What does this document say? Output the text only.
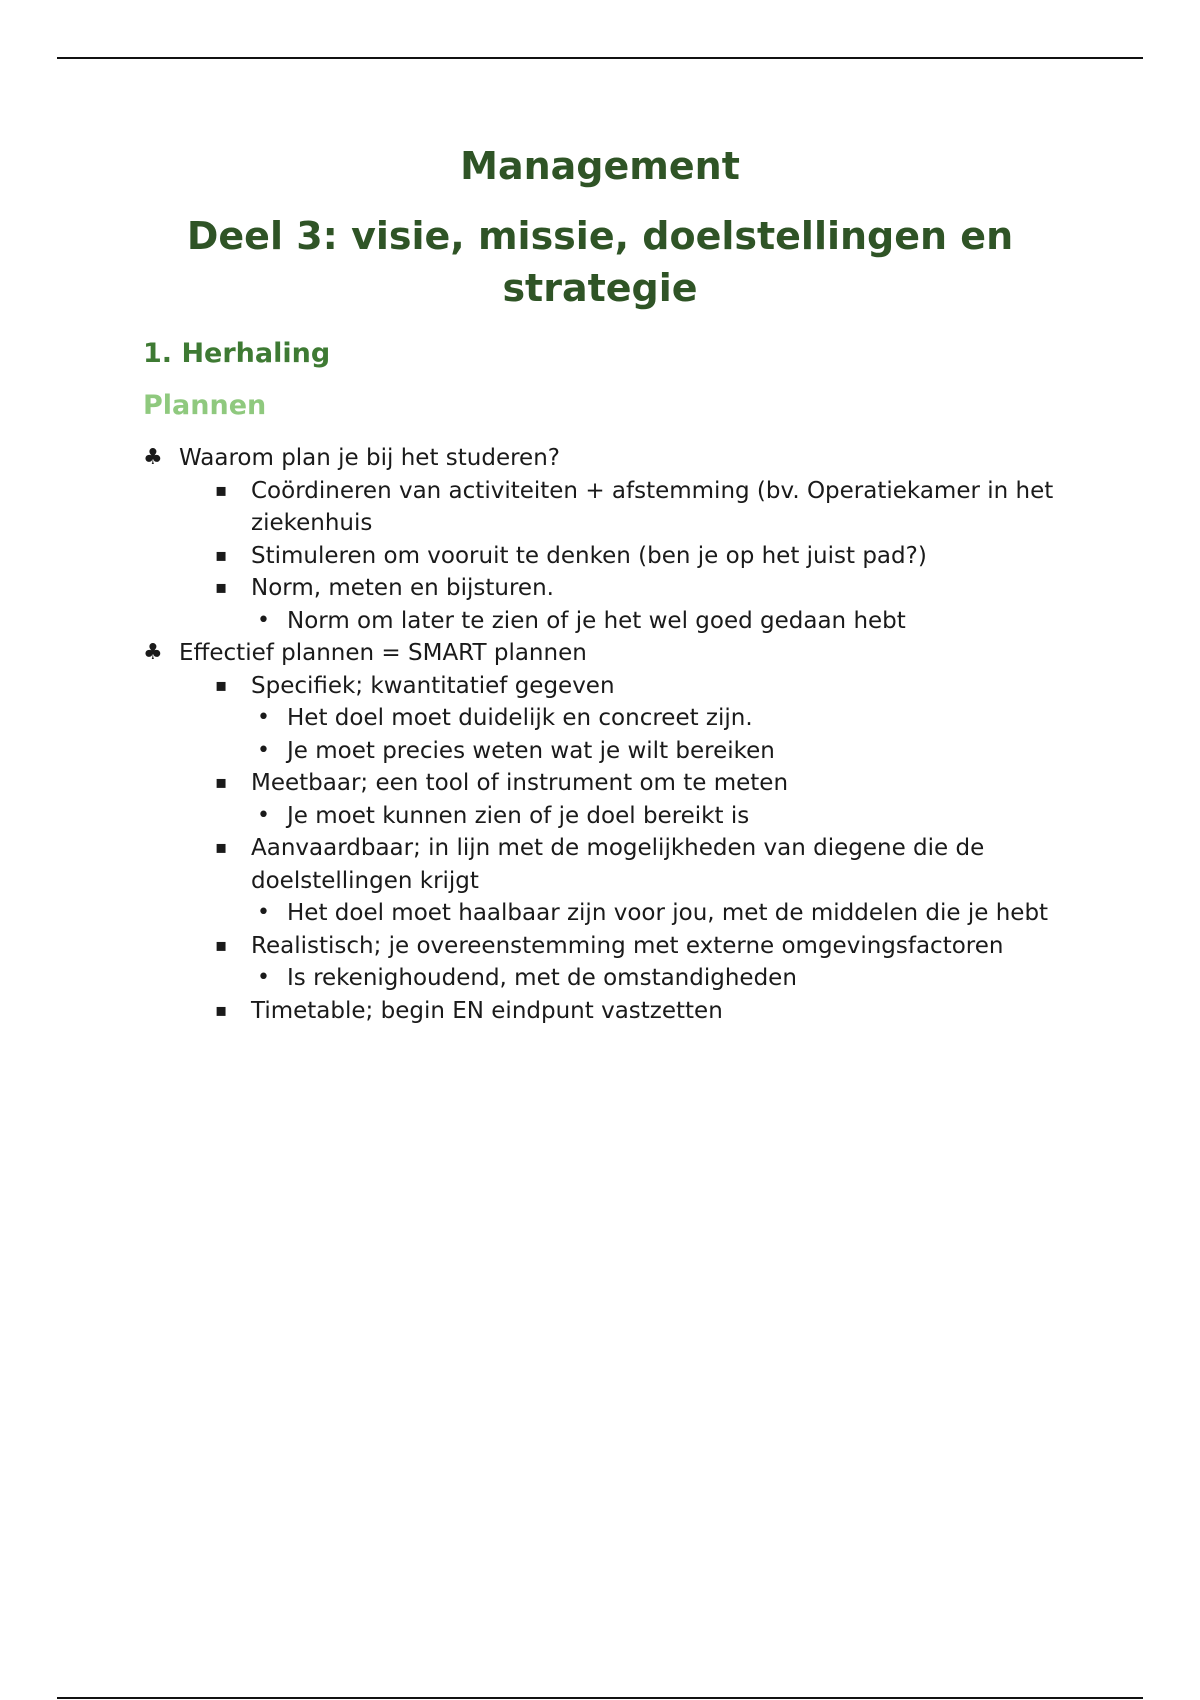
Management
Deel 3: visie, missie, doelstellingen en strategie
1. Herhaling
Plannen
♣ Waarom plan je bij het studeren?
▪ Coördineren van activiteiten + afstemming (bv. Operatiekamer in het ziekenhuis
▪ Stimuleren om vooruit te denken (ben je op het juist pad?)
▪ Norm, meten en bijsturen.
• Norm om later te zien of je het wel goed gedaan hebt
♣ Effectief plannen = SMART plannen
▪ Specifiek; kwantitatief gegeven
• Het doel moet duidelijk en concreet zijn.
• Je moet precies weten wat je wilt bereiken
▪ Meetbaar; een tool of instrument om te meten
• Je moet kunnen zien of je doel bereikt is
▪ Aanvaardbaar; in lijn met de mogelijkheden van diegene die de doelstellingen krijgt
• Het doel moet haalbaar zijn voor jou, met de middelen die je hebt
▪ Realistisch; je overeenstemming met externe omgevingsfactoren
• Is rekenighoudend, met de omstandigheden
▪ Timetable; begin EN eindpunt vastzetten
